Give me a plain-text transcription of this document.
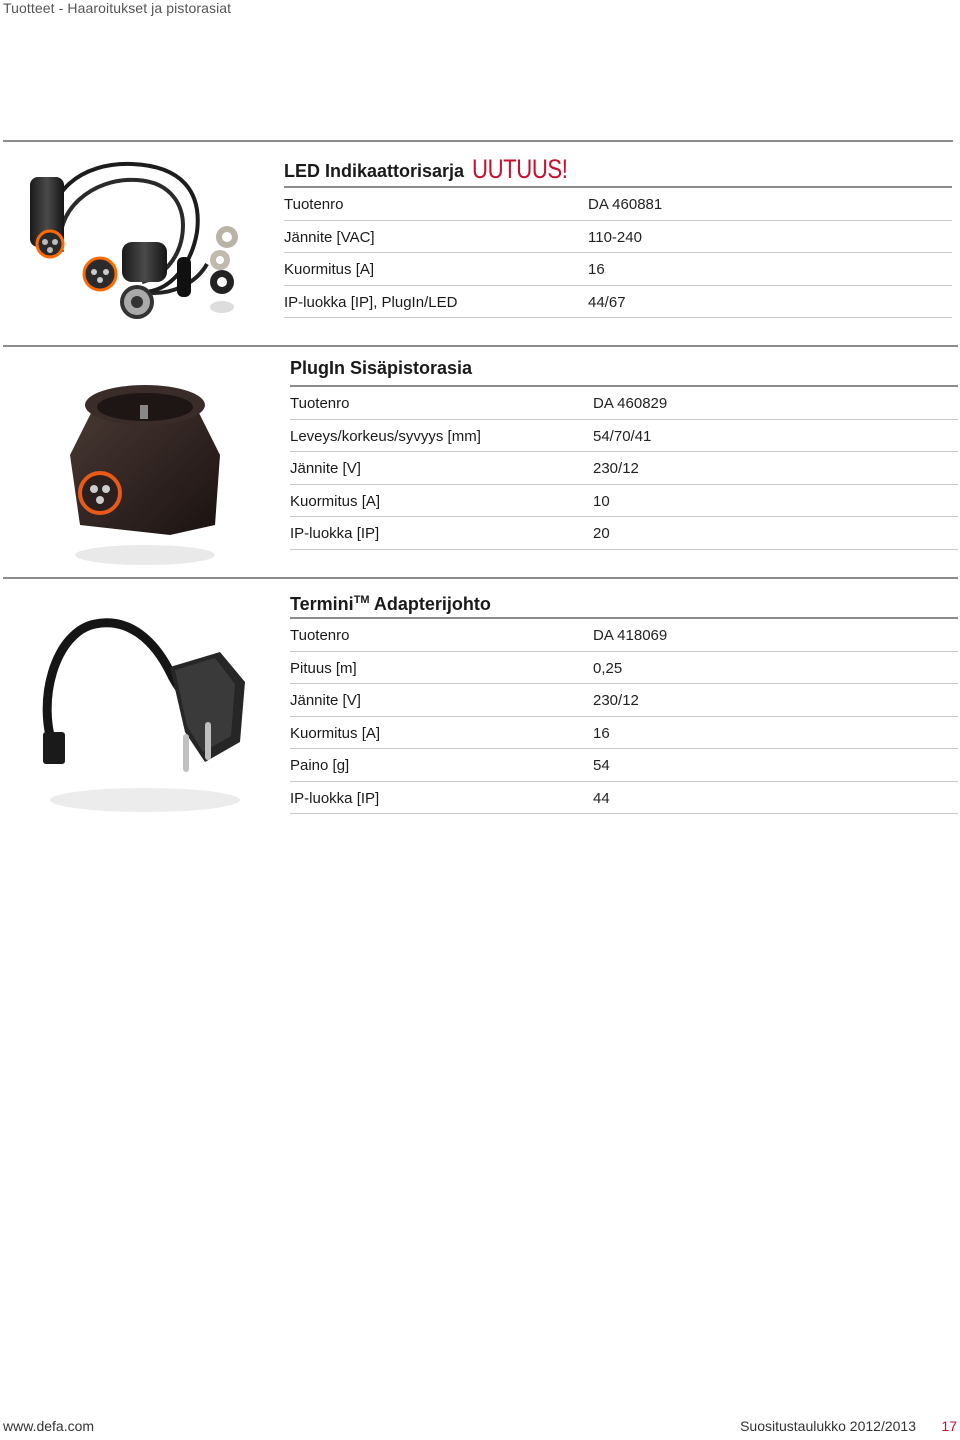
Tuotteet - Haaroitukset ja pistorasiat
LED Indikaattorisarja UUTUUS!
Tuotenro	DA 460881
Jännite [VAC]	110-240
Kuormitus [A]	16
IP-luokka [IP], PlugIn/LED	44/67
PlugIn Sisäpistorasia
Tuotenro	DA 460829
Leveys/korkeus/syvyys [mm]	54/70/41
Jännite [V]	230/12
Kuormitus [A]	10
IP-luokka [IP]	20
Termini™ Adapterijohto
Tuotenro	DA 418069
Pituus [m]	0,25
Jännite [V]	230/12
Kuormitus [A]	16
Paino [g]	54
IP-luokka [IP]	44
www.defa.com	Suositustaulukko 2012/2013 17
